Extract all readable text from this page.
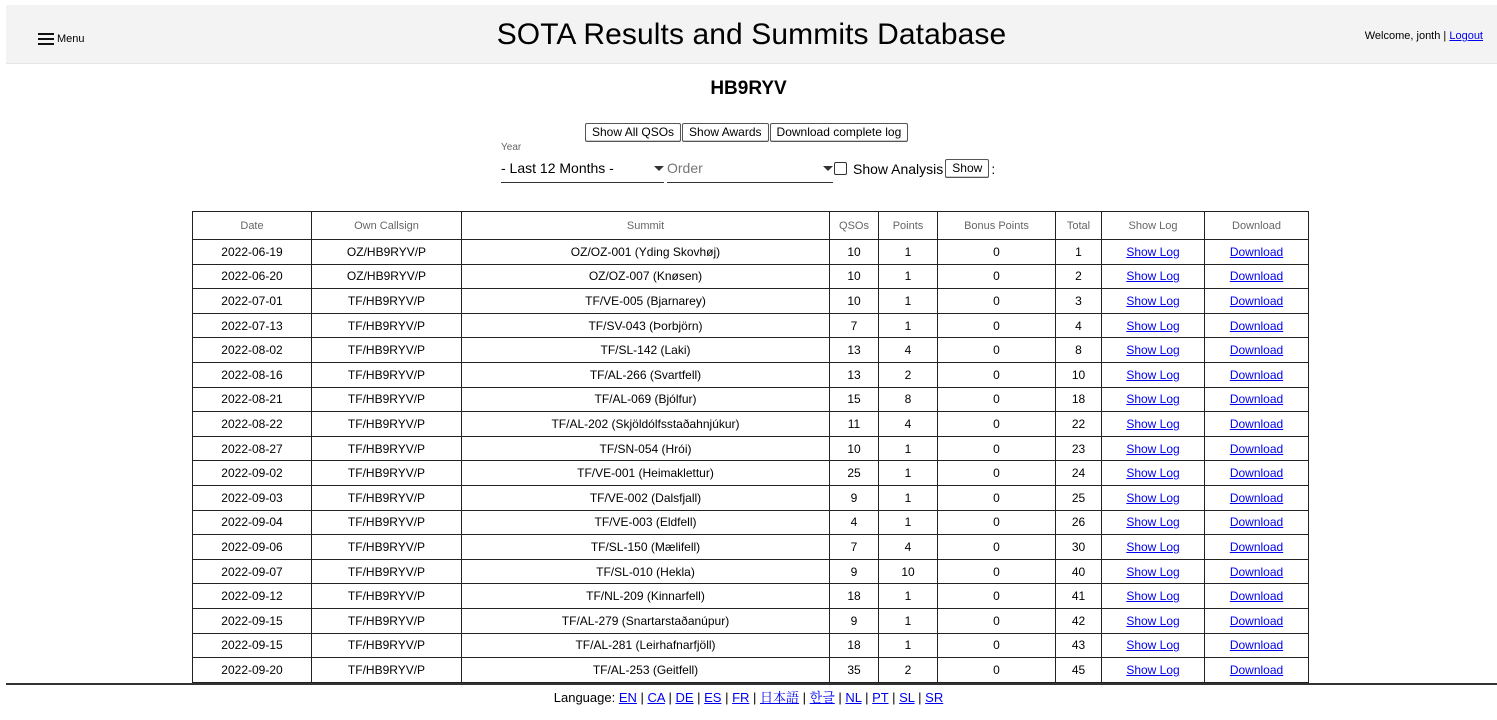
Menu	SOTA Results and Summits Database	Welcome, jonth | Logout
HB9RYV
Show All QSOs	Show Awards	Download complete log
Year
- Last 12 Months -	Order	Show Analysis Show :
Date	Own Callsign	Summit	QSOs	Points	Bonus Points	Total	Show Log	Download
2022-06-19	OZ/HB9RYV/P	OZ/OZ-001 (Yding Skovhøj)	10	1	0	1	Show Log	Download
2022-06-20	OZ/HB9RYV/P	OZ/OZ-007 (Knøsen)	10	1	0	2	Show Log	Download
2022-07-01	TF/HB9RYV/P	TF/VE-005 (Bjarnarey)	10	1	0	3	Show Log	Download
2022-07-13	TF/HB9RYV/P	TF/SV-043 (Þorbjörn)	7	1	0	4	Show Log	Download
2022-08-02	TF/HB9RYV/P	TF/SL-142 (Laki)	13	4	0	8	Show Log	Download
2022-08-16	TF/HB9RYV/P	TF/AL-266 (Svartfell)	13	2	0	10	Show Log	Download
2022-08-21	TF/HB9RYV/P	TF/AL-069 (Bjólfur)	15	8	0	18	Show Log	Download
2022-08-22	TF/HB9RYV/P	TF/AL-202 (Skjöldólfsstaðahnjúkur)	11	4	0	22	Show Log	Download
2022-08-27	TF/HB9RYV/P	TF/SN-054 (Hrói)	10	1	0	23	Show Log	Download
2022-09-02	TF/HB9RYV/P	TF/VE-001 (Heimaklettur)	25	1	0	24	Show Log	Download
2022-09-03	TF/HB9RYV/P	TF/VE-002 (Dalsfjall)	9	1	0	25	Show Log	Download
2022-09-04	TF/HB9RYV/P	TF/VE-003 (Eldfell)	4	1	0	26	Show Log	Download
2022-09-06	TF/HB9RYV/P	TF/SL-150 (Mælifell)	7	4	0	30	Show Log	Download
2022-09-07	TF/HB9RYV/P	TF/SL-010 (Hekla)	9	10	0	40	Show Log	Download
2022-09-12	TF/HB9RYV/P	TF/NL-209 (Kinnarfell)	18	1	0	41	Show Log	Download
2022-09-15	TF/HB9RYV/P	TF/AL-279 (Snartarstaðanúpur)	9	1	0	42	Show Log	Download
2022-09-15	TF/HB9RYV/P	TF/AL-281 (Leirhafnarfjöll)	18	1	0	43	Show Log	Download
2022-09-20	TF/HB9RYV/P	TF/AL-253 (Geitfell)	35	2	0	45	Show Log	Download
Language: EN | CA | DE | ES | FR | 日本語 | 한글 | NL | PT | SL | SR
